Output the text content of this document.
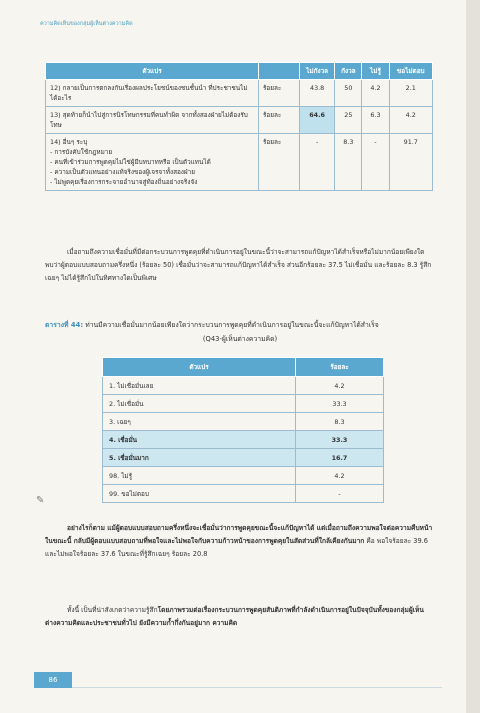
ความคิดเห็นของกลุ่มผู้เห็นต่างความคิด
ตัวแปร		ไม่กังวล	กังวล	ไม่รู้	ขอไม่ตอบ
12) กลายเป็นการตกลงกันเรื่องผลประโยชน์ของชนชั้นนำ ที่ประชาชนไม่ได้อะไร	ร้อยละ	43.8	50	4.2	2.1
13) สุดท้ายก็นำไปสู่การนิรโทษกรรมที่คนทำผิด จากทั้งสองฝ่ายไม่ต้องรับโทษ	ร้อยละ	64.6	25	6.3	4.2
14) อื่นๆ ระบุ
- การบังคับใช้กฎหมาย
- คนที่เข้าร่วมการพูดคุยไม่ใช่ผู้มีบทบาทหรือ เป็นตัวแทนได้
- ความเป็นตัวแทนอย่างแท้จริงของผู้เจรจาทั้งสองฝ่าย
- ไม่พูดคุยเรื่องการกระจายอำนาจสู่ท้องถิ่นอย่างจริงจัง	ร้อยละ	-	8.3	-	91.7
เมื่อถามถึงความเชื่อมั่นที่มีต่อกระบวนการพูดคุยที่ดำเนินการอยู่ในขณะนี้ว่าจะสามารถแก้ปัญหาได้สำเร็จหรือไม่มากน้อยเพียงใด พบว่าผู้ตอบแบบสอบถามครึ่งหนึ่ง (ร้อยละ 50) เชื่อมั่นว่าจะสามารถแก้ปัญหาได้สำเร็จ ส่วนอีกร้อยละ 37.5 ไม่เชื่อมั่น และร้อยละ 8.3 รู้สึกเฉยๆ ไม่ได้รู้สึกไปในทิศทางใดเป็นพิเศษ
ตารางที่ 44: ท่านมีความเชื่อมั่นมากน้อยเพียงใดว่ากระบวนการพูดคุยที่ดำเนินการอยู่ในขณะนี้จะแก้ปัญหาได้สำเร็จ
(Q43-ผู้เห็นต่างความคิด)
ตัวแปร	ร้อยละ
1. ไม่เชื่อมั่นเลย	4.2
2. ไม่เชื่อมั่น	33.3
3. เฉยๆ	8.3
4. เชื่อมั่น	33.3
5. เชื่อมั่นมาก	16.7
98. ไม่รู้	4.2
99. ขอไม่ตอบ	-
✎
อย่างไรก็ตาม แม้ผู้ตอบแบบสอบถามครึ่งหนึ่งจะเชื่อมั่นว่าการพูดคุยขณะนี้จะแก้ปัญหาได้ แต่เมื่อถามถึงความพอใจต่อความคืบหน้าในขณะนี้ กลับมีผู้ตอบแบบสอบถามที่พอใจและไม่พอใจกับความก้าวหน้าของการพูดคุยในสัดส่วนที่ใกล้เคียงกันมาก คือ พอใจร้อยละ 39.6 และไม่พอใจร้อยละ 37.6 ในขณะที่รู้สึกเฉยๆ ร้อยละ 20.8
ทั้งนี้ เป็นที่น่าสังเกตว่าความรู้สึกโดยภาพรวมต่อเรื่องกระบวนการพูดคุยสันติภาพที่กำลังดำเนินการอยู่ในปัจจุบันทั้งของกลุ่มผู้เห็นต่างความคิดและประชาชนทั่วไป ยังมีความก้ำกึ่งกันอยู่มาก ความคิด
86
